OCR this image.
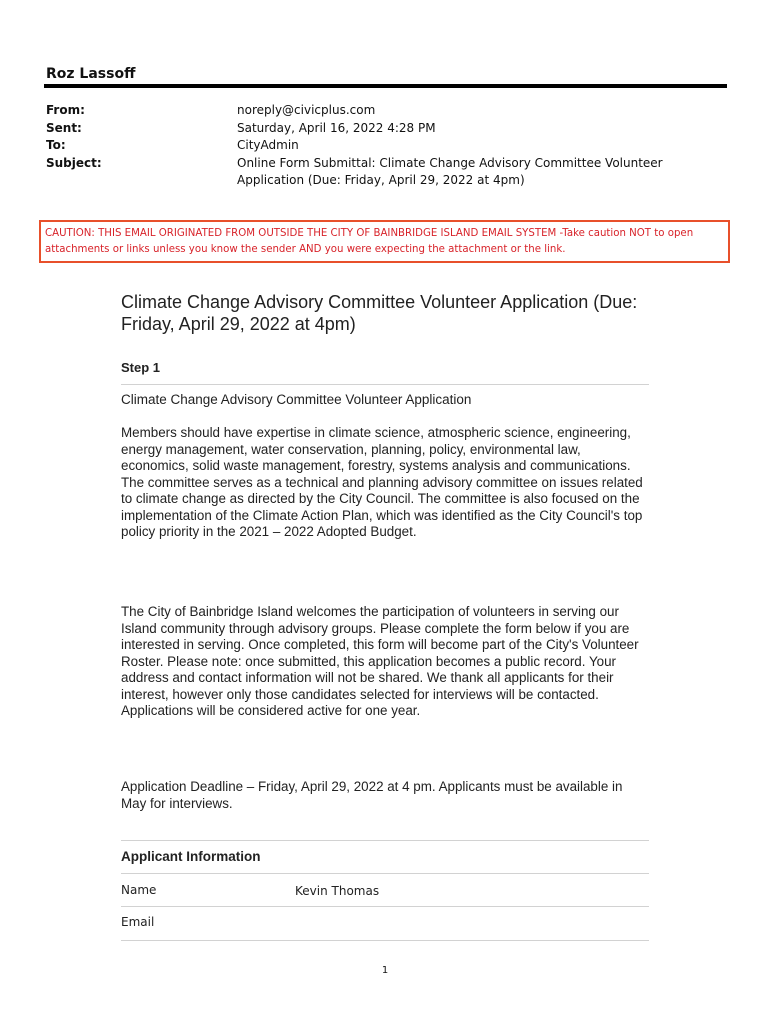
Roz Lassoff
From:	noreply@civicplus.com
Sent:	Saturday, April 16, 2022 4:28 PM
To:	CityAdmin
Subject:	Online Form Submittal: Climate Change Advisory Committee Volunteer Application (Due: Friday, April 29, 2022 at 4pm)
CAUTION: THIS EMAIL ORIGINATED FROM OUTSIDE THE CITY OF BAINBRIDGE ISLAND EMAIL SYSTEM -Take caution NOT to open attachments or links unless you know the sender AND you were expecting the attachment or the link.
Climate Change Advisory Committee Volunteer Application (Due: Friday, April 29, 2022 at 4pm)
Step 1
Climate Change Advisory Committee Volunteer Application
Members should have expertise in climate science, atmospheric science, engineering, energy management, water conservation, planning, policy, environmental law, economics, solid waste management, forestry, systems analysis and communications. The committee serves as a technical and planning advisory committee on issues related to climate change as directed by the City Council. The committee is also focused on the implementation of the Climate Action Plan, which was identified as the City Council's top policy priority in the 2021 – 2022 Adopted Budget.
The City of Bainbridge Island welcomes the participation of volunteers in serving our Island community through advisory groups. Please complete the form below if you are interested in serving. Once completed, this form will become part of the City's Volunteer Roster. Please note: once submitted, this application becomes a public record. Your address and contact information will not be shared. We thank all applicants for their interest, however only those candidates selected for interviews will be contacted. Applications will be considered active for one year.
Application Deadline – Friday, April 29, 2022 at 4 pm. Applicants must be available in May for interviews.
Applicant Information
Name	Kevin Thomas
Email
1
